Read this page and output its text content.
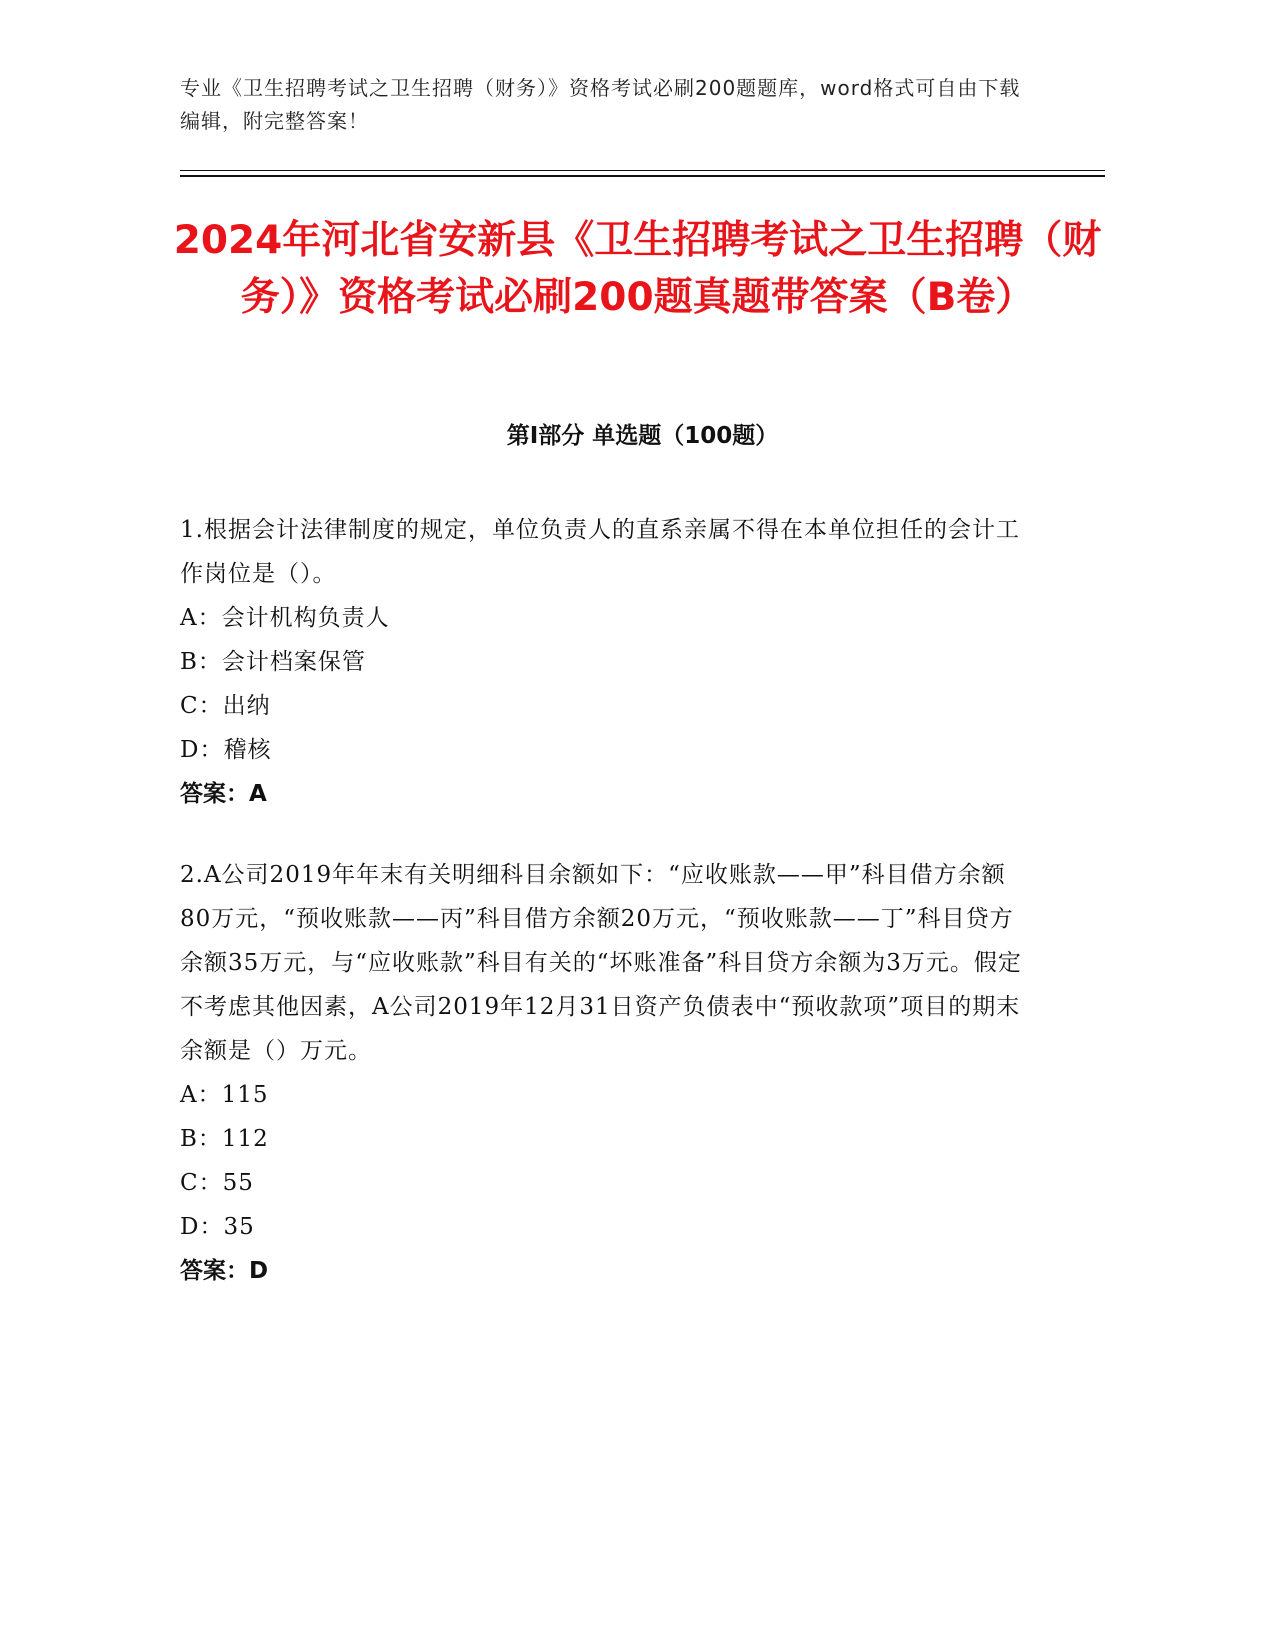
专业《卫生招聘考试之卫生招聘（财务）》资格考试必刷200题题库，word格式可自由下载编辑，附完整答案！
2024年河北省安新县《卫生招聘考试之卫生招聘（财务）》资格考试必刷200题真题带答案（B卷）
第Ⅰ部分 单选题（100题）
1.根据会计法律制度的规定，单位负责人的直系亲属不得在本单位担任的会计工作岗位是（）。
A：会计机构负责人
B：会计档案保管
C：出纳
D：稽核
答案：A
2.A公司2019年年末有关明细科目余额如下：“应收账款——甲”科目借方余额80万元，“预收账款——丙”科目借方余额20万元，“预收账款——丁”科目贷方余额35万元，与“应收账款”科目有关的“坏账准备”科目贷方余额为3万元。假定不考虑其他因素，A公司2019年12月31日资产负债表中“预收款项”项目的期末余额是（）万元。
A：115
B：112
C：55
D：35
答案：D
